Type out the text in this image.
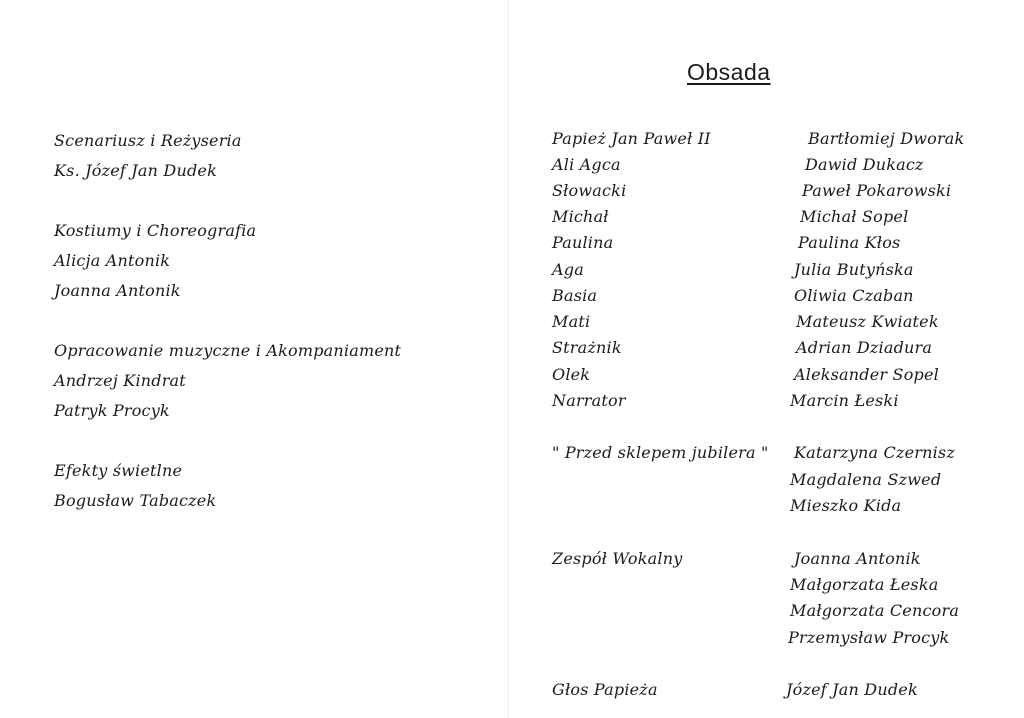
Obsada
Scenariusz i Reżyseria
Ks. Józef Jan Dudek
Kostiumy i Choreografia
Alicja Antonik
Joanna Antonik
Opracowanie muzyczne i Akompaniament
Andrzej Kindrat
Patryk Procyk
Efekty świetlne
Bogusław Tabaczek
Papież Jan Paweł II
Ali Agca
Słowacki
Michał
Paulina
Aga
Basia
Mati
Strażnik
Olek
Narrator
" Przed sklepem jubilera "
Zespół Wokalny
Głos Papieża
Bartłomiej Dworak
Dawid Dukacz
Paweł Pokarowski
Michał Sopel
Paulina Kłos
Julia Butyńska
Oliwia Czaban
Mateusz Kwiatek
Adrian Dziadura
Aleksander Sopel
Marcin Łeski
Katarzyna Czernisz
Magdalena Szwed
Mieszko Kida
Joanna Antonik
Małgorzata Łeska
Małgorzata Cencora
Przemysław Procyk
Józef Jan Dudek
